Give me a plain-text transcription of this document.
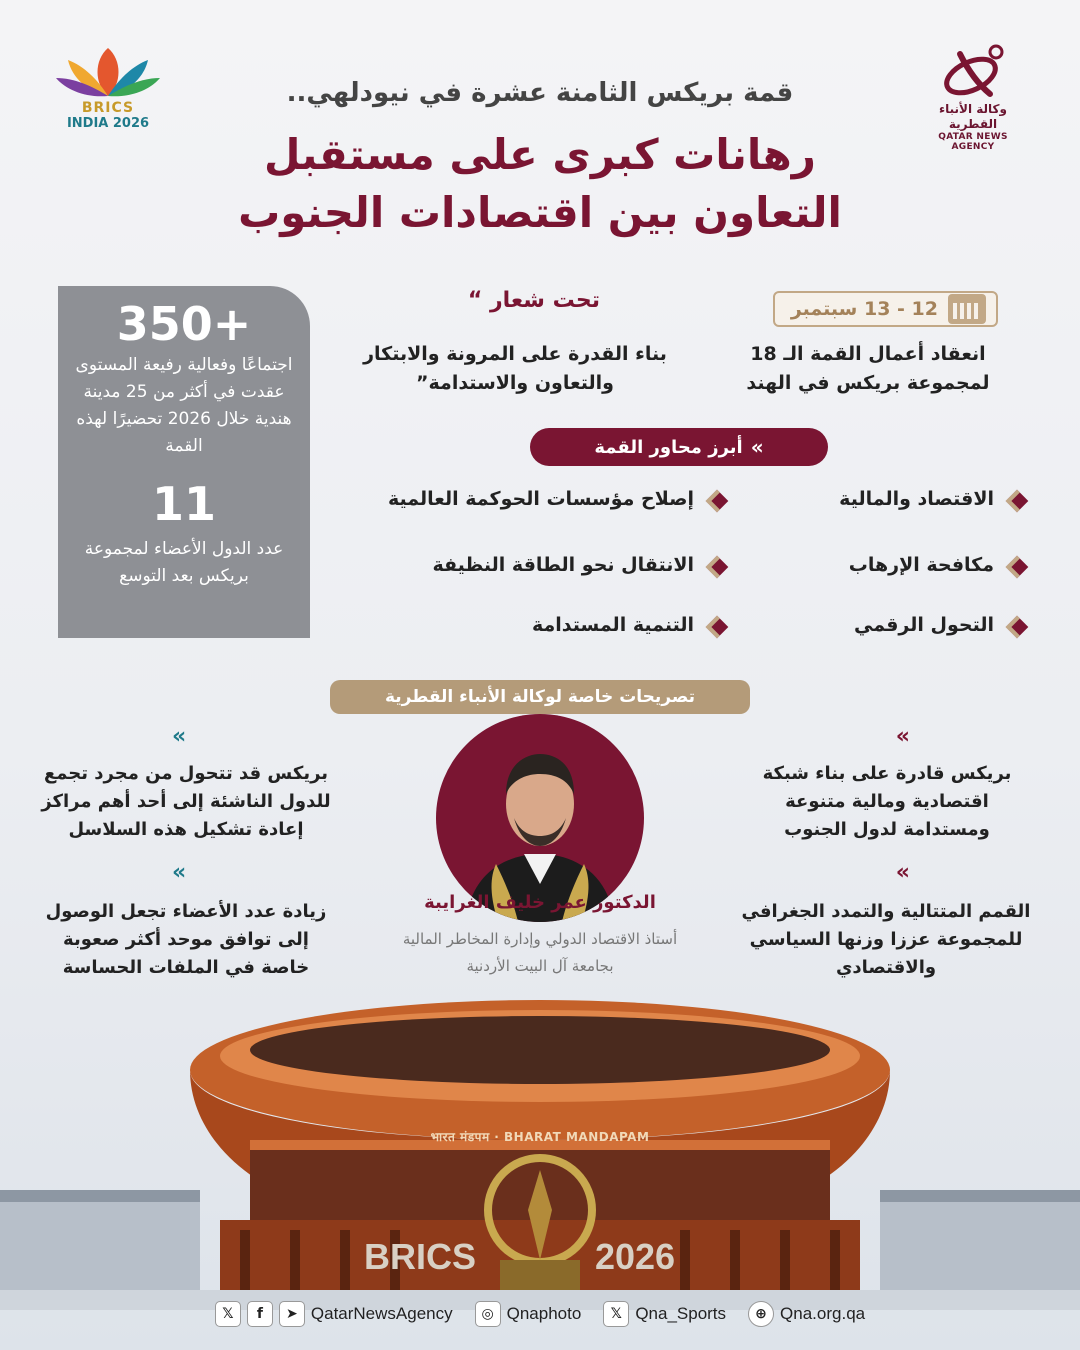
BRICS
INDIA 2026
وكالة الأنباء القطرية
QATAR NEWS AGENCY
قمة بريكس الثامنة عشرة في نيودلهي..
رهانات كبرى على مستقبل
التعاون بين اقتصادات الجنوب
350+
اجتماعًا وفعالية رفيعة المستوى عقدت في أكثر من 25 مدينة هندية خلال 2026 تحضيرًا لهذه القمة
11
عدد الدول الأعضاء لمجموعة بريكس بعد التوسع
12 - 13 سبتمبر
انعقاد أعمال القمة الـ 18 لمجموعة بريكس في الهند
تحت شعار “
بناء القدرة على المرونة والابتكار والتعاون والاستدامة”
»
أبرز محاور القمة
الاقتصاد والمالية
إصلاح مؤسسات الحوكمة العالمية
مكافحة الإرهاب
الانتقال نحو الطاقة النظيفة
التحول الرقمي
التنمية المستدامة
تصريحات خاصة لوكالة الأنباء القطرية
«
بريكس قادرة على بناء شبكة اقتصادية ومالية متنوعة ومستدامة لدول الجنوب
«
القمم المتتالية والتمدد الجغرافي للمجموعة عززا وزنها السياسي والاقتصادي
«
بريكس قد تتحول من مجرد تجمع للدول الناشئة إلى أحد أهم مراكز إعادة تشكيل هذه السلاسل
«
زيادة عدد الأعضاء تجعل الوصول إلى توافق موحد أكثر صعوبة خاصة في الملفات الحساسة
الدكتور عمر خليف الغرايبة
أستاذ الاقتصاد الدولي وإدارة المخاطر المالية بجامعة آل البيت الأردنية
भारत मंडपम · BHARAT MANDAPAM
BRICS	2026
𝕏	f	➤ QatarNewsAgency	◎ Qnaphoto	𝕏 Qna_Sports	⊕ Qna.org.qa
